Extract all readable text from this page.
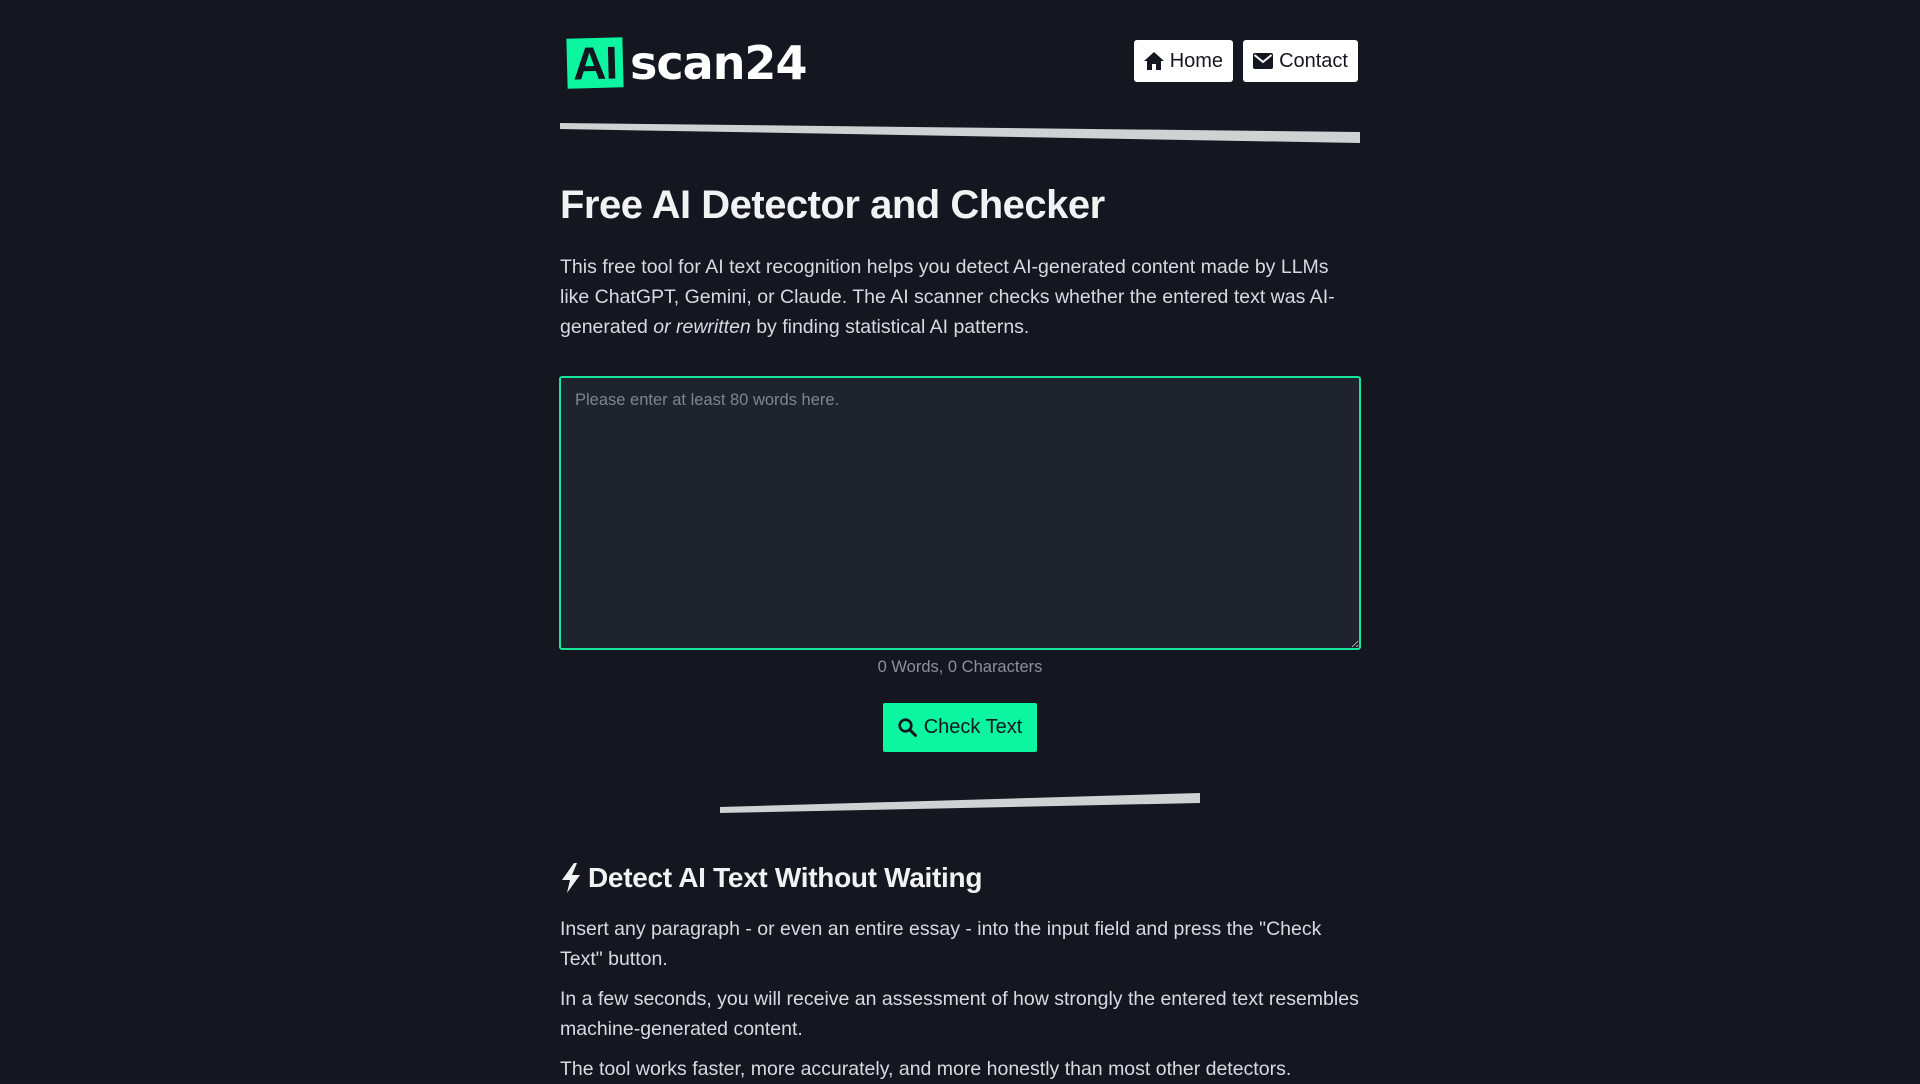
AI scan24	Home	Contact
Free AI Detector and Checker

This free tool for AI text recognition helps you detect AI-generated content made by LLMs like ChatGPT, Gemini, or Claude. The AI scanner checks whether the entered text was AI-generated or rewritten by finding statistical AI patterns.

Please enter at least 80 words here.
0 Words, 0 Characters
Check Text
Detect AI Text Without Waiting

Insert any paragraph - or even an entire essay - into the input field and press the "Check Text" button.

In a few seconds, you will receive an assessment of how strongly the entered text resembles machine-generated content.

The tool works faster, more accurately, and more honestly than most other detectors.
